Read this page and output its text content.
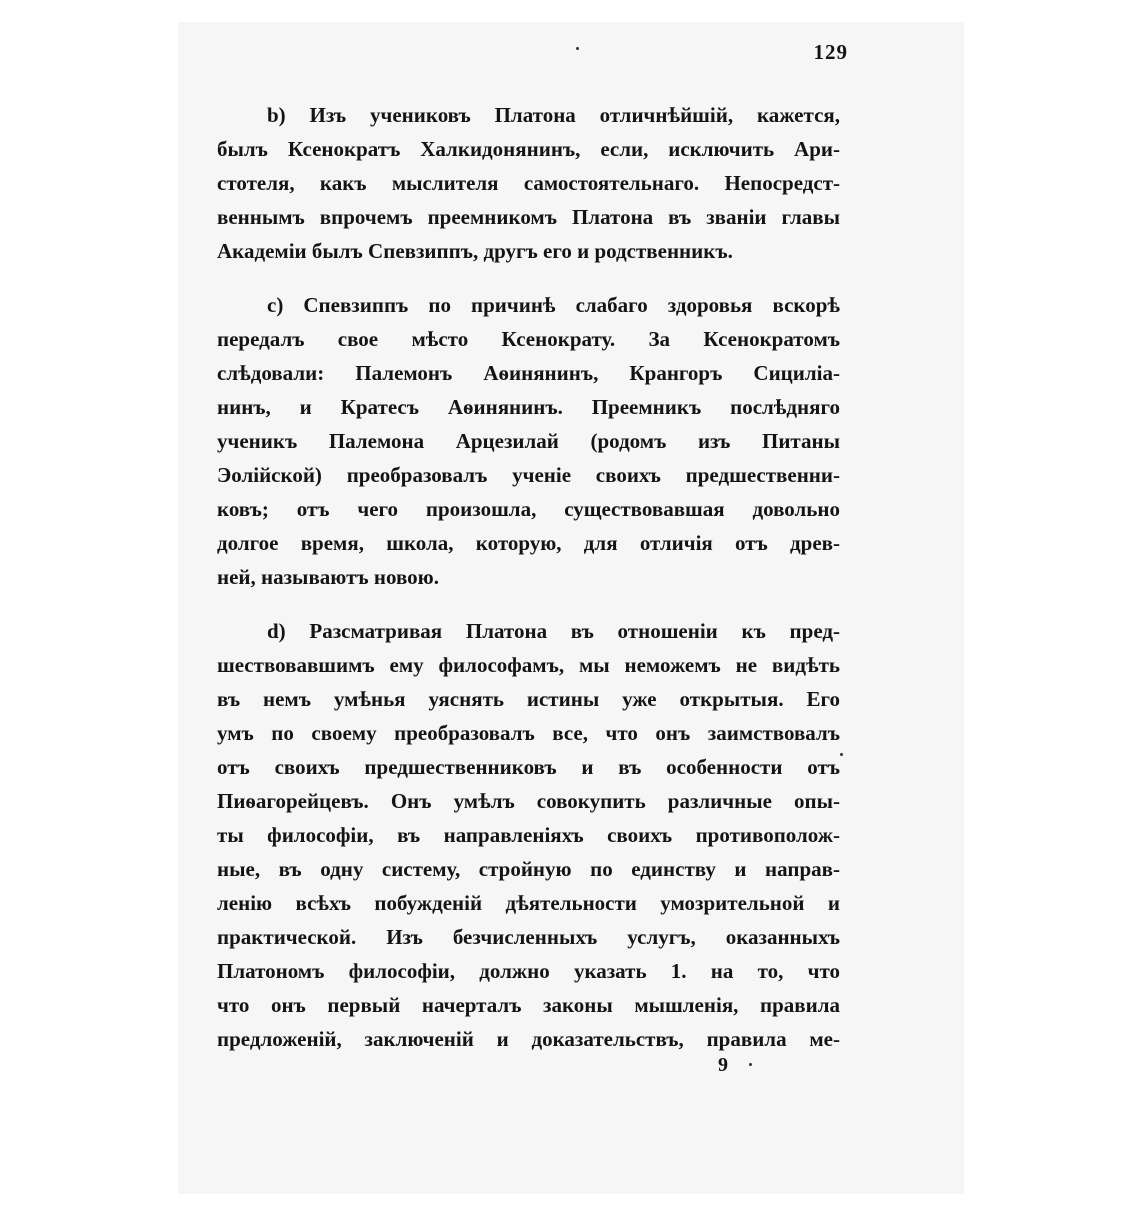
129
b) Изъ учениковъ Платона отличнѣйшій, кажется,
былъ Ксенократъ Халкидонянинъ, если, исключить Ари-
стотеля, какъ мыслителя самостоятельнаго. Непосредст-
веннымъ впрочемъ преемникомъ Платона въ званіи главы
Академіи былъ Спевзиппъ, другъ его и родственникъ.
c) Спевзиппъ по причинѣ слабаго здоровья вскорѣ
передалъ свое мѣсто Ксенократу. За Ксенократомъ
слѣдовали: Палемонъ Аѳинянинъ, Крангоръ Сициліа-
нинъ, и Кратесъ Аѳинянинъ. Преемникъ послѣдняго
ученикъ Палемона Арцезилай (родомъ изъ Питаны
Эолійской) преобразовалъ ученіе своихъ предшественни-
ковъ; отъ чего произошла, существовавшая довольно
долгое время, школа, которую, для отличія отъ древ-
ней, называютъ новою.
d) Разсматривая Платона въ отношеніи къ пред-
шествовавшимъ ему философамъ, мы неможемъ не видѣть
въ немъ умѣнья уяснять истины уже открытыя. Его
умъ по своему преобразовалъ все, что онъ заимствовалъ
отъ своихъ предшественниковъ и въ особенности отъ
Пиѳагорейцевъ. Онъ умѣлъ совокупить различные опы-
ты философіи, въ направленіяхъ своихъ противополож-
ные, въ одну систему, стройную по единству и направ-
ленію всѣхъ побужденій дѣятельности умозрительной и
практической. Изъ безчисленныхъ услугъ, оказанныхъ
Платономъ философіи, должно указать 1. на то, что
что онъ первый начерталъ законы мышленія, правила
предложеній, заключеній и доказательствъ, правила ме-
9
